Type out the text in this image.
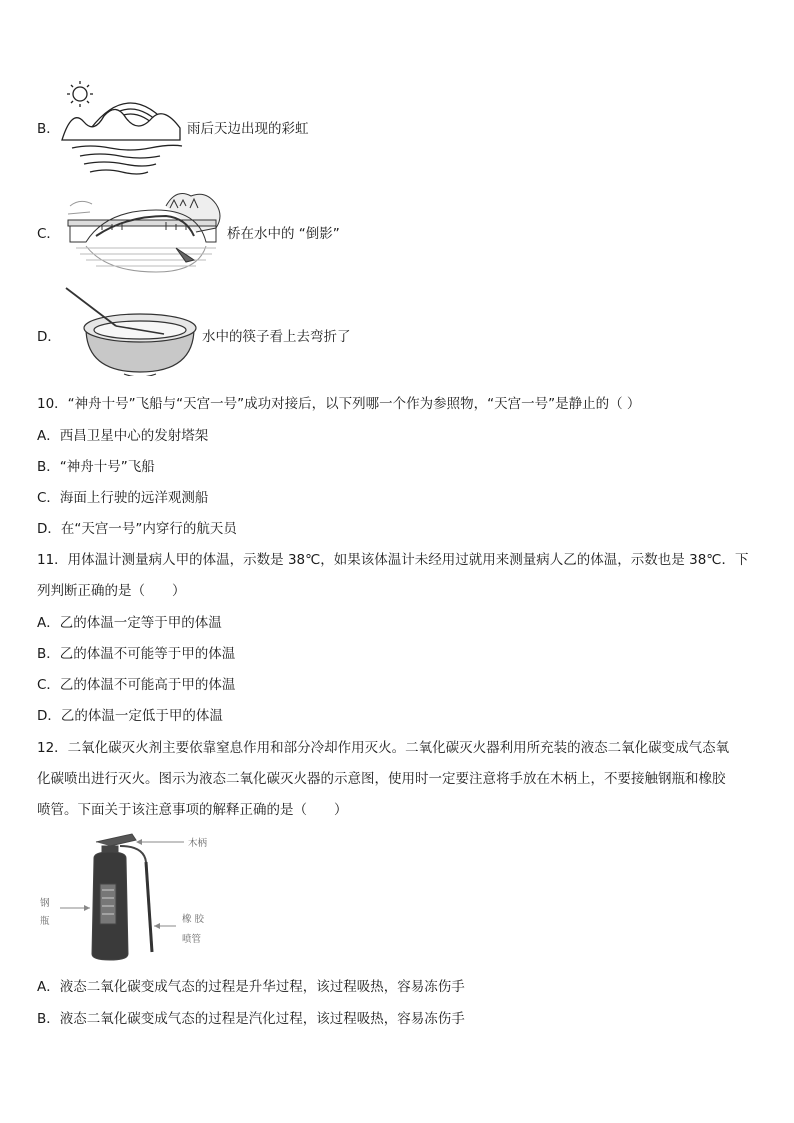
B．	雨后天边出现的彩虹
C．	桥在水中的 “倒影”
D．	水中的筷子看上去弯折了
10．“神舟十号”飞船与“天宫一号”成功对接后，以下列哪一个作为参照物，“天宫一号”是静止的（ ）
A．西昌卫星中心的发射塔架
B．“神舟十号”飞船
C．海面上行驶的远洋观测船
D．在“天宫一号”内穿行的航天员
11．用体温计测量病人甲的体温，示数是 38℃，如果该体温计未经用过就用来测量病人乙的体温，示数也是 38℃．下
列判断正确的是（　　）
A．乙的体温一定等于甲的体温
B．乙的体温不可能等于甲的体温
C．乙的体温不可能高于甲的体温
D．乙的体温一定低于甲的体温
12．二氧化碳灭火剂主要依靠窒息作用和部分冷却作用灭火。二氧化碳灭火器利用所充装的液态二氧化碳变成气态氧
化碳喷出进行灭火。图示为液态二氧化碳灭火器的示意图，使用时一定要注意将手放在木柄上，不要接触钢瓶和橡胶
喷管。下面关于该注意事项的解释正确的是（　　）
木柄
钢
瓶	橡 胶
喷管
A．液态二氧化碳变成气态的过程是升华过程，该过程吸热，容易冻伤手
B．液态二氧化碳变成气态的过程是汽化过程，该过程吸热，容易冻伤手
